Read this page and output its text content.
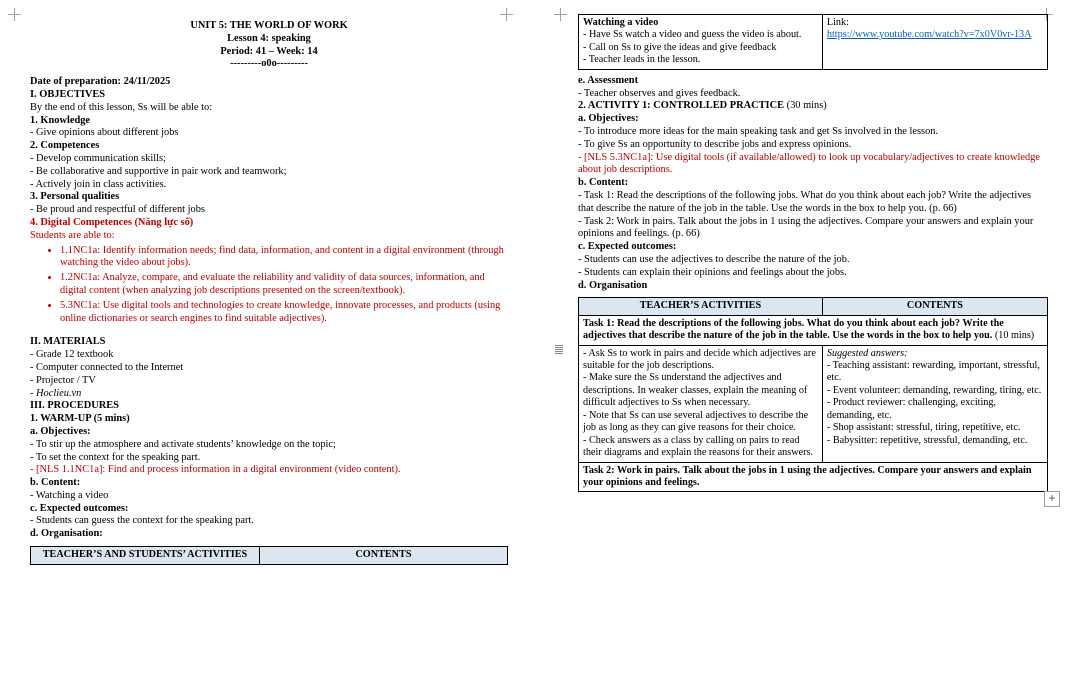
UNIT 5: THE WORLD OF WORK

Lesson 4: speaking

Period: 41 – Week: 14

---------o0o---------

Date of preparation: 24/11/2025

I. OBJECTIVES

By the end of this lesson, Ss will be able to:

1. Knowledge

- Give opinions about different jobs

2. Competences

- Develop communication skills;

- Be collaborative and supportive in pair work and teamwork;

- Actively join in class activities.

3. Personal qualities

- Be proud and respectful of different jobs

4. Digital Competences (Năng lực số)

Students are able to:

• 1.1NC1a: Identify information needs; find data, information, and content in a digital environment (through watching the video about jobs).
• 1.2NC1a: Analyze, compare, and evaluate the reliability and validity of data sources, information, and digital content (when analyzing job descriptions presented on the screen/textbook).
• 5.3NC1a: Use digital tools and technologies to create knowledge, innovate processes, and products (using online dictionaries or search engines to find suitable adjectives).

II. MATERIALS

- Grade 12 textbook

- Computer connected to the Internet

- Projector / TV

- Hoclieu.vn

III. PROCEDURES

1. WARM-UP (5 mins)

a. Objectives:

- To stir up the atmosphere and activate students’ knowledge on the topic;

- To set the context for the speaking part.

- [NLS 1.1NC1a]: Find and process information in a digital environment (video content).

b. Content:

- Watching a video

c. Expected outcomes:

- Students can guess the context for the speaking part.

d. Organisation:

TEACHER’S AND STUDENTS’ ACTIVITIES	CONTENTS

Watching a video

- Have Ss watch a video and guess the video is about.

- Call on Ss to give the ideas and give feedback

- Teacher leads in the lesson.

Link:

https://www.youtube.com/watch?v=7x0V0vr-13A

e. Assessment

- Teacher observes and gives feedback.

2. ACTIVITY 1: CONTROLLED PRACTICE (30 mins)

a. Objectives:

- To introduce more ideas for the main speaking task and get Ss involved in the lesson.

- To give Ss an opportunity to describe jobs and express opinions.

- [NLS 5.3NC1a]: Use digital tools (if available/allowed) to look up vocabulary/adjectives to create knowledge about job descriptions.

b. Content:

- Task 1: Read the descriptions of the following jobs. What do you think about each job? Write the adjectives that describe the nature of the job in the table. Use the words in the box to help you. (p. 66)

- Task 2: Work in pairs. Talk about the jobs in 1 using the adjectives. Compare your answers and explain your opinions and feelings. (p. 66)

c. Expected outcomes:

- Students can use the adjectives to describe the nature of the job.

- Students can explain their opinions and feelings about the jobs.

d. Organisation

TEACHER’S ACTIVITIES	CONTENTS
Task 1: Read the descriptions of the following jobs. What do you think about each job? Write the adjectives that describe the nature of the job in the table. Use the words in the box to help you. (10 mins)	

- Ask Ss to work in pairs and decide which adjectives are suitable for the job descriptions.

- Make sure the Ss understand the adjectives and descriptions. In weaker classes, explain the meaning of difficult adjectives to Ss when necessary.

- Note that Ss can use several adjectives to describe the job as long as they can give reasons for their choice.

- Check answers as a class by calling on pairs to read their diagrams and explain the reasons for their answers.

Suggested answers:

- Teaching assistant: rewarding, important, stressful, etc.

- Event volunteer: demanding, rewarding, tiring, etc.

- Product reviewer: challenging, exciting, demanding, etc.

- Shop assistant: stressful, tiring, repetitive, etc.

- Babysitter: repetitive, stressful, demanding, etc.

Task 2: Work in pairs. Talk about the jobs in 1 using the adjectives. Compare your answers and explain your opinions and feelings.	
+
